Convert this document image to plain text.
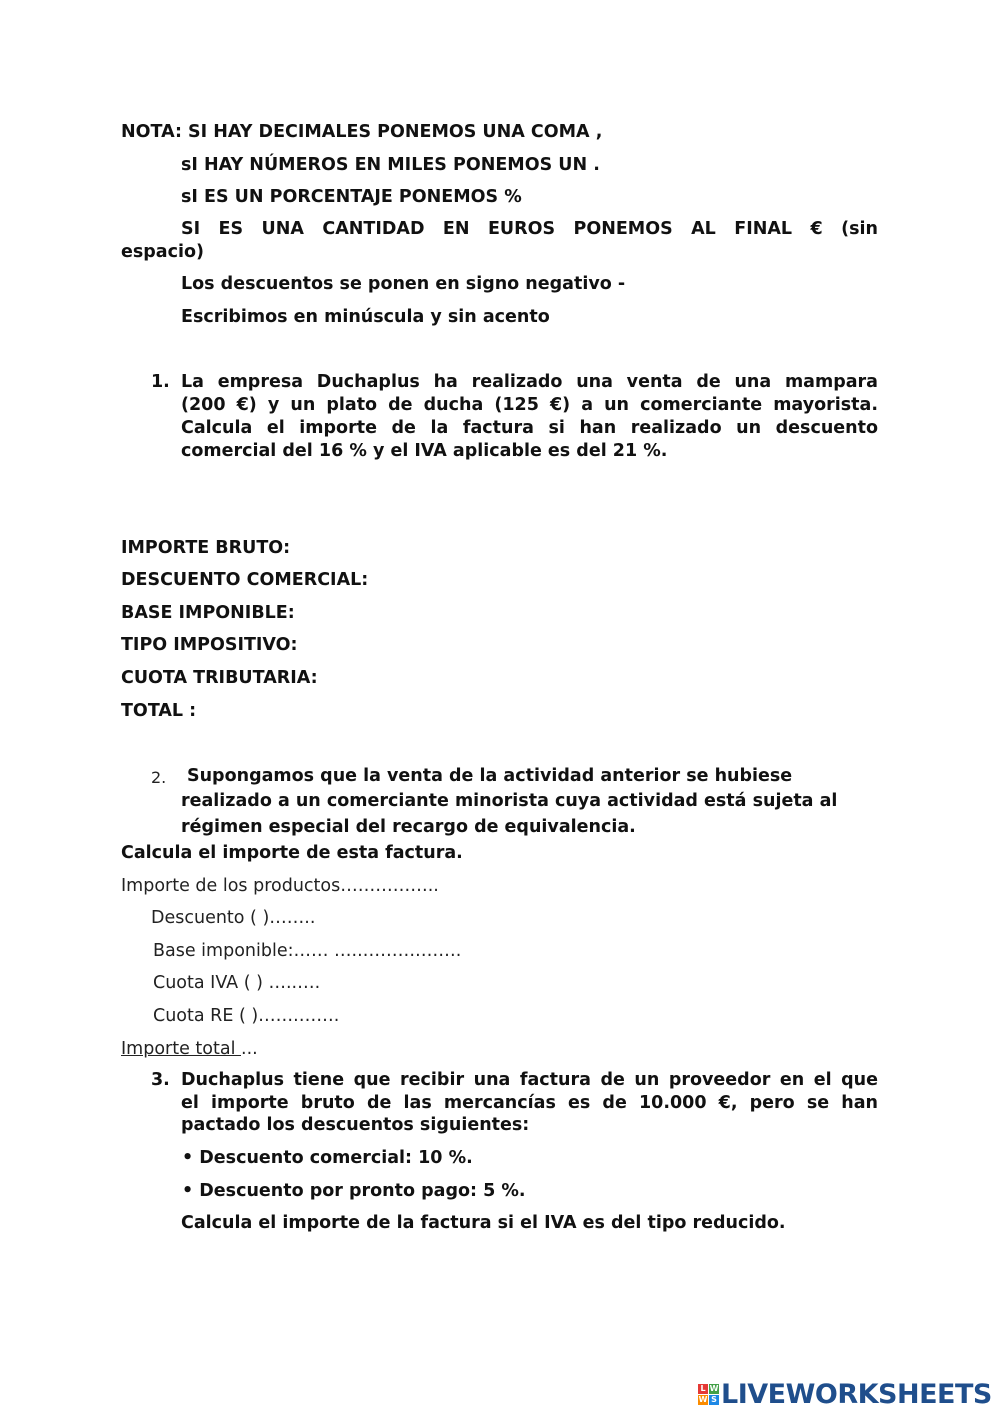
NOTA: SI HAY DECIMALES PONEMOS UNA COMA ,
sI HAY NÚMEROS EN MILES PONEMOS UN .
sI ES UN PORCENTAJE PONEMOS %
SI ES UNA CANTIDAD EN EUROS PONEMOS AL FINAL € (sin
espacio)
Los descuentos se ponen en signo negativo -
Escribimos en minúscula y sin acento
1. La empresa Duchaplus ha realizado una venta de una mampara
(200 €) y un plato de ducha (125 €) a un comerciante mayorista.
Calcula el importe de la factura si han realizado un descuento
comercial del 16 % y el IVA aplicable es del 21 %.
IMPORTE BRUTO:
DESCUENTO COMERCIAL:
BASE IMPONIBLE:
TIPO IMPOSITIVO:
CUOTA TRIBUTARIA:
TOTAL :
2. Supongamos que la venta de la actividad anterior se hubiese
realizado a un comerciante minorista cuya actividad está sujeta al
régimen especial del recargo de equivalencia.
Calcula el importe de esta factura.
Importe de los productos……………..
Descuento ( )……..
Base imponible:…… …..……….…….
Cuota IVA ( ) …..….
Cuota RE ( )…….…….
Importe total ...
3. Duchaplus tiene que recibir una factura de un proveedor en el que
el importe bruto de las mercancías es de 10.000 €, pero se han
pactado los descuentos siguientes:
• Descuento comercial: 10 %.
• Descuento por pronto pago: 5 %.
Calcula el importe de la factura si el IVA es del tipo reducido.
L W
W S LIVEWORKSHEETS
